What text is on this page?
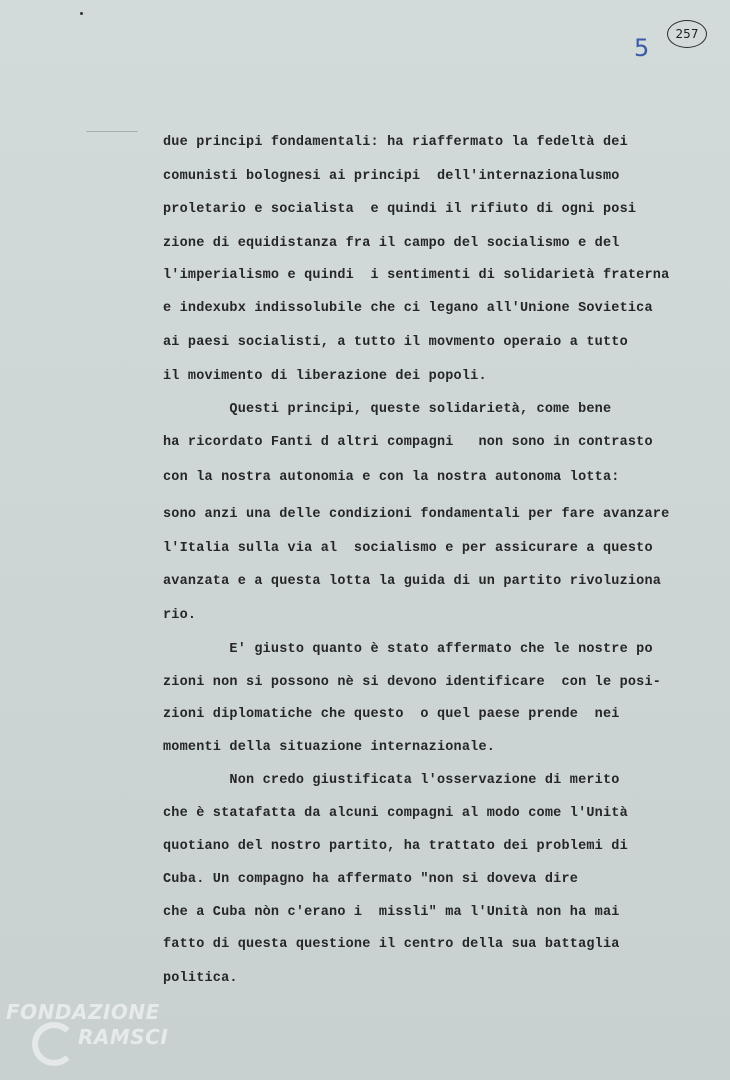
5	257
due principi fondamentali: ha riaffermato la fedeltà dei
comunisti bolognesi ai principi  dell'internazionalusmo
proletario e socialista  e quindi il rifiuto di ogni posi
zione di equidistanza fra il campo del socialismo e del
l'imperialismo e quindi  i sentimenti di solidarietà fraterna
e indexubx indissolubile che ci legano all'Unione Sovietica
ai paesi socialisti, a tutto il movmento operaio a tutto
il movimento di liberazione dei popoli.
Questi principi, queste solidarietà, come bene
ha ricordato Fanti d altri compagni   non sono in contrasto
con la nostra autonomia e con la nostra autonoma lotta:
sono anzi una delle condizioni fondamentali per fare avanzare
l'Italia sulla via al  socialismo e per assicurare a questo
avanzata e a questa lotta la guida di un partito rivoluziona
rio.
E' giusto quanto è stato affermato che le nostre po
zioni non si possono nè si devono identificare  con le posi-
zioni diplomatiche che questo  o quel paese prende  nei
momenti della situazione internazionale.
Non credo giustificata l'osservazione di merito
che è statafatta da alcuni compagni al modo come l'Unità
quotiano del nostro partito, ha trattato dei problemi di
Cuba. Un compagno ha affermato "non si doveva dire
che a Cuba nòn c'erano i  missli" ma l'Unità non ha mai
fatto di questa questione il centro della sua battaglia
politica.
FONDAZIONE
RAMSCI
